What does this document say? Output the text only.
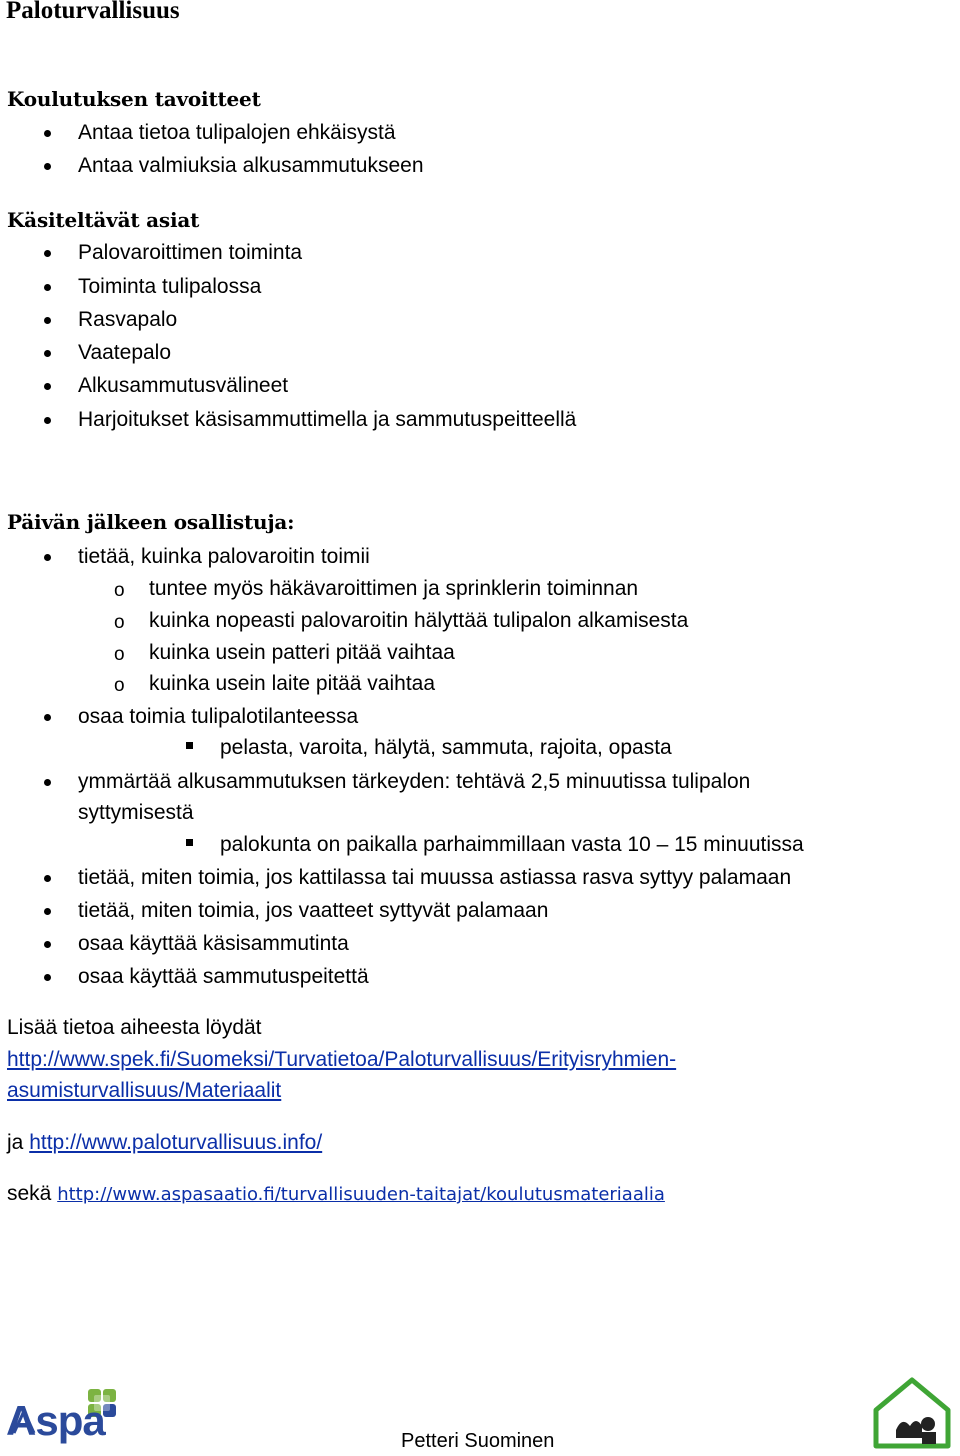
Paloturvallisuus
Koulutuksen tavoitteet
Antaa tietoa tulipalojen ehkäisystä
Antaa valmiuksia alkusammutukseen
Käsiteltävät asiat
Palovaroittimen toiminta
Toiminta tulipalossa
Rasvapalo
Vaatepalo
Alkusammutusvälineet
Harjoitukset käsisammuttimella ja sammutuspeitteellä
Päivän jälkeen osallistuja:
tietää, kuinka palovaroitin toimii
o tuntee myös häkävaroittimen ja sprinklerin toiminnan
o kuinka nopeasti palovaroitin hälyttää tulipalon alkamisesta
o kuinka usein patteri pitää vaihtaa
o kuinka usein laite pitää vaihtaa
osaa toimia tulipalotilanteessa
pelasta, varoita, hälytä, sammuta, rajoita, opasta
ymmärtää alkusammutuksen tärkeyden: tehtävä 2,5 minuutissa tulipalon
syttymisestä
palokunta on paikalla parhaimmillaan vasta 10 – 15 minuutissa
tietää, miten toimia, jos kattilassa tai muussa astiassa rasva syttyy palamaan
tietää, miten toimia, jos vaatteet syttyvät palamaan
osaa käyttää käsisammutinta
osaa käyttää sammutuspeitettä
Lisää tietoa aiheesta löydät
http://www.spek.fi/Suomeksi/Turvatietoa/Paloturvallisuus/Erityisryhmien-
asumisturvallisuus/Materiaalit
ja http://www.paloturvallisuus.info/
sekä http://www.aspasaatio.fi/turvallisuuden-taitajat/koulutusmateriaalia
Aspa	Petteri Suominen
